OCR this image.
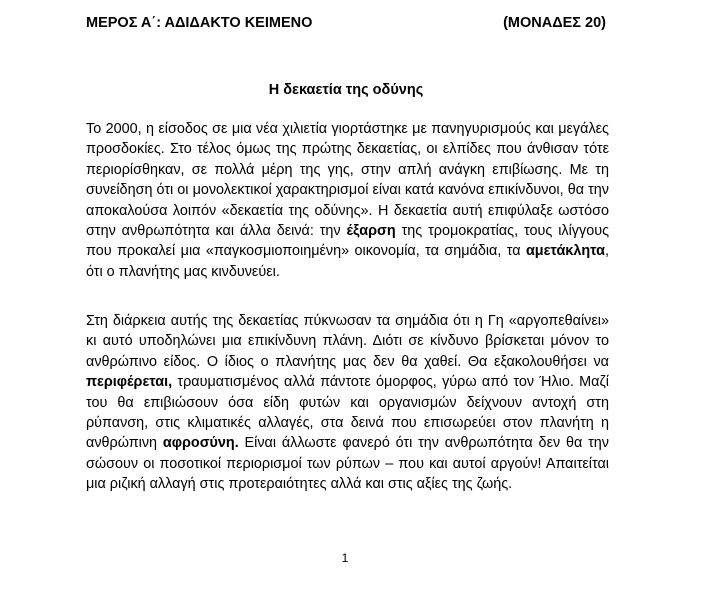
ΜΕΡΟΣ Α΄: ΑΔΙΔΑΚΤΟ ΚΕΙΜΕΝΟ	(ΜΟΝΑΔΕΣ 20)
Η δεκαετία της οδύνης

Το 2000, η είσοδος σε μια νέα χιλιετία γιορτάστηκε με πανηγυρισμούς και μεγάλες προσδοκίες. Στο τέλος όμως της πρώτης δεκαετίας, οι ελπίδες που άνθισαν τότε περιορίσθηκαν, σε πολλά μέρη της γης, στην απλή ανάγκη επιβίωσης. Με τη συνείδηση ότι οι μονολεκτικοί χαρακτηρισμοί είναι κατά κανόνα επικίνδυνοι, θα την αποκαλούσα λοιπόν «δεκαετία της οδύνης». Η δεκαετία αυτή επιφύλαξε ωστόσο στην ανθρωπότητα και άλλα δεινά: την έξαρση της τρομοκρατίας, τους ιλίγγους που προκαλεί μια «παγκοσμιοποιημένη» οικονομία, τα σημάδια, τα αμετάκλητα, ότι ο πλανήτης μας κινδυνεύει.

Στη διάρκεια αυτής της δεκαετίας πύκνωσαν τα σημάδια ότι η Γη «αργοπεθαίνει» κι αυτό υποδηλώνει μια επικίνδυνη πλάνη. Διότι σε κίνδυνο βρίσκεται μόνον το ανθρώπινο είδος. Ο ίδιος ο πλανήτης μας δεν θα χαθεί. Θα εξακολουθήσει να περιφέρεται, τραυματισμένος αλλά πάντοτε όμορφος, γύρω από τον Ήλιο. Μαζί του θα επιβιώσουν όσα είδη φυτών και οργανισμών δείχνουν αντοχή στη ρύπανση, στις κλιματικές αλλαγές, στα δεινά που επισωρεύει στον πλανήτη η ανθρώπινη αφροσύνη. Είναι άλλωστε φανερό ότι την ανθρωπότητα δεν θα την σώσουν οι ποσοτικοί περιορισμοί των ρύπων – που και αυτοί αργούν! Απαιτείται μια ριζική αλλαγή στις προτεραιότητες αλλά και στις αξίες της ζωής.

1
